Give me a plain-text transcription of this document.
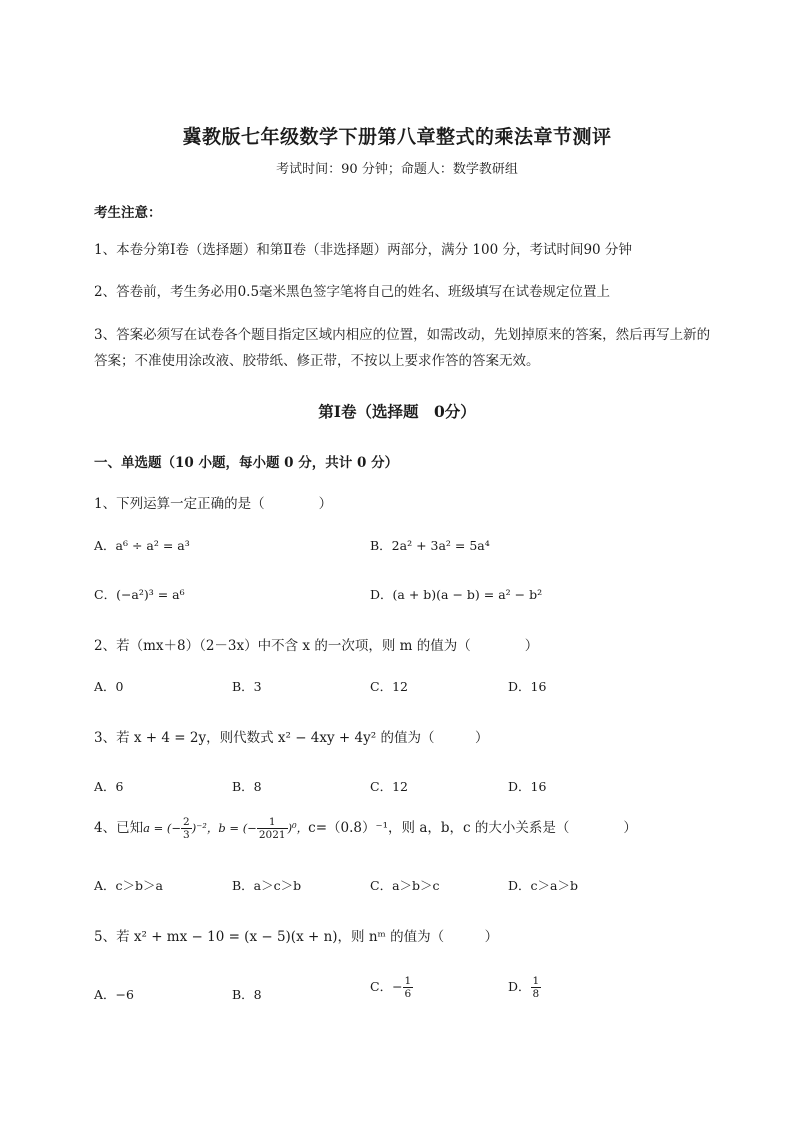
冀教版七年级数学下册第八章整式的乘法章节测评
考试时间：90 分钟；命题人：数学教研组
考生注意：
1、本卷分第Ⅰ卷（选择题）和第Ⅱ卷（非选择题）两部分，满分 100 分，考试时间90 分钟
2、答卷前，考生务必用0.5毫米黑色签字笔将自己的姓名、班级填写在试卷规定位置上
3、答案必须写在试卷各个题目指定区域内相应的位置，如需改动，先划掉原来的答案，然后再写上新的答案；不准使用涂改液、胶带纸、修正带，不按以上要求作答的答案无效。
第Ⅰ卷（选择题　0分）
一、单选题（10 小题，每小题 0 分，共计 0 分）
1、下列运算一定正确的是（　　　　）
A．a⁶ ÷ a² = a³	B．2a² + 3a² = 5a⁴
C．(−a²)³ = a⁶	D．(a + b)(a − b) = a² − b²
2、若（mx＋8）（2－3x）中不含 x 的一次项，则 m 的值为（　　　　）
A．0	B．3	C．12	D．16
3、若 x + 4 = 2y，则代数式 x² − 4xy + 4y² 的值为（　　　）
A．6	B．8	C．12	D．16
4、已知a = (− $\frac{2}{3} )^{-2}$，b = (− $\frac{1}{2021} )^0$，c=（0.8）⁻¹，则 a，b，c 的大小关系是（　　　　）
A．c＞b＞a	B．a＞c＞b	C．a＞b＞c	D．c＞a＞b
5、若 x² + mx − 10 = (x − 5)(x + n)，则 nᵐ 的值为（　　　）
A．−6	B．8
C．− $\frac{1}{6}$	D． $\frac{1}{8}$
